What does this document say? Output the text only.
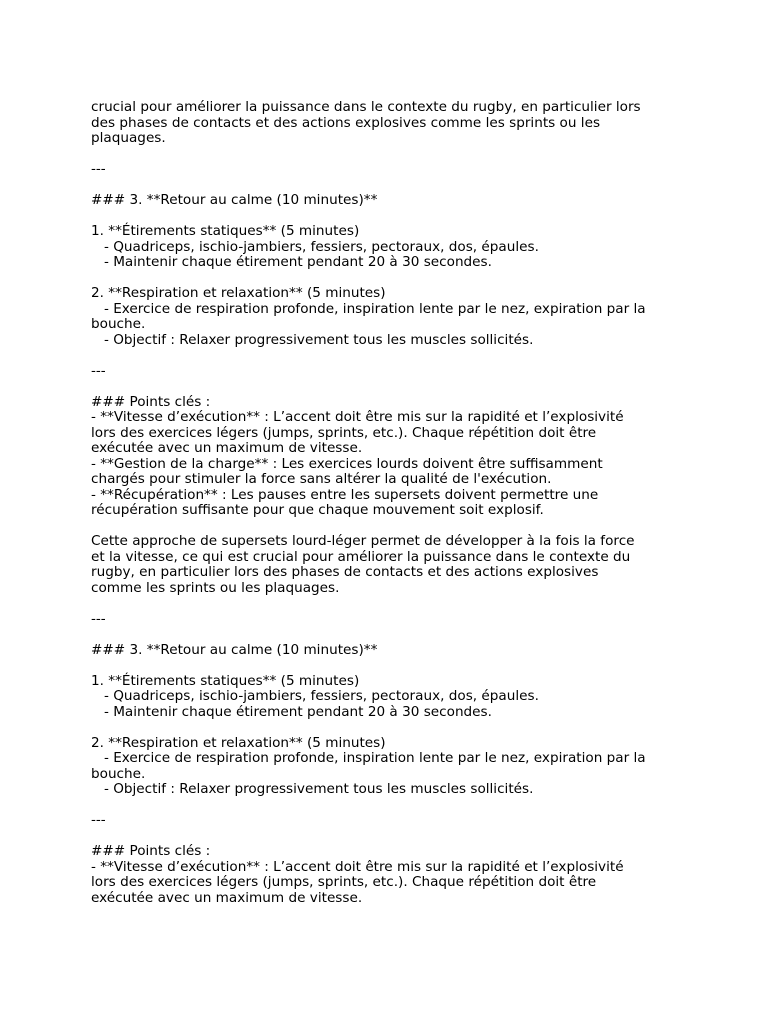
crucial pour améliorer la puissance dans le contexte du rugby, en particulier lors
des phases de contacts et des actions explosives comme les sprints ou les
plaquages.
---
### 3. **Retour au calme (10 minutes)**
1. **Étirements statiques** (5 minutes)
- Quadriceps, ischio-jambiers, fessiers, pectoraux, dos, épaules.
- Maintenir chaque étirement pendant 20 à 30 secondes.
2. **Respiration et relaxation** (5 minutes)
- Exercice de respiration profonde, inspiration lente par le nez, expiration par la
bouche.
- Objectif : Relaxer progressivement tous les muscles sollicités.
---
### Points clés :
- **Vitesse d’exécution** : L’accent doit être mis sur la rapidité et l’explosivité
lors des exercices légers (jumps, sprints, etc.). Chaque répétition doit être
exécutée avec un maximum de vitesse.
- **Gestion de la charge** : Les exercices lourds doivent être suffisamment
chargés pour stimuler la force sans altérer la qualité de l'exécution.
- **Récupération** : Les pauses entre les supersets doivent permettre une
récupération suffisante pour que chaque mouvement soit explosif.
Cette approche de supersets lourd-léger permet de développer à la fois la force
et la vitesse, ce qui est crucial pour améliorer la puissance dans le contexte du
rugby, en particulier lors des phases de contacts et des actions explosives
comme les sprints ou les plaquages.
---
### 3. **Retour au calme (10 minutes)**
1. **Étirements statiques** (5 minutes)
- Quadriceps, ischio-jambiers, fessiers, pectoraux, dos, épaules.
- Maintenir chaque étirement pendant 20 à 30 secondes.
2. **Respiration et relaxation** (5 minutes)
- Exercice de respiration profonde, inspiration lente par le nez, expiration par la
bouche.
- Objectif : Relaxer progressivement tous les muscles sollicités.
---
### Points clés :
- **Vitesse d’exécution** : L’accent doit être mis sur la rapidité et l’explosivité
lors des exercices légers (jumps, sprints, etc.). Chaque répétition doit être
exécutée avec un maximum de vitesse.
